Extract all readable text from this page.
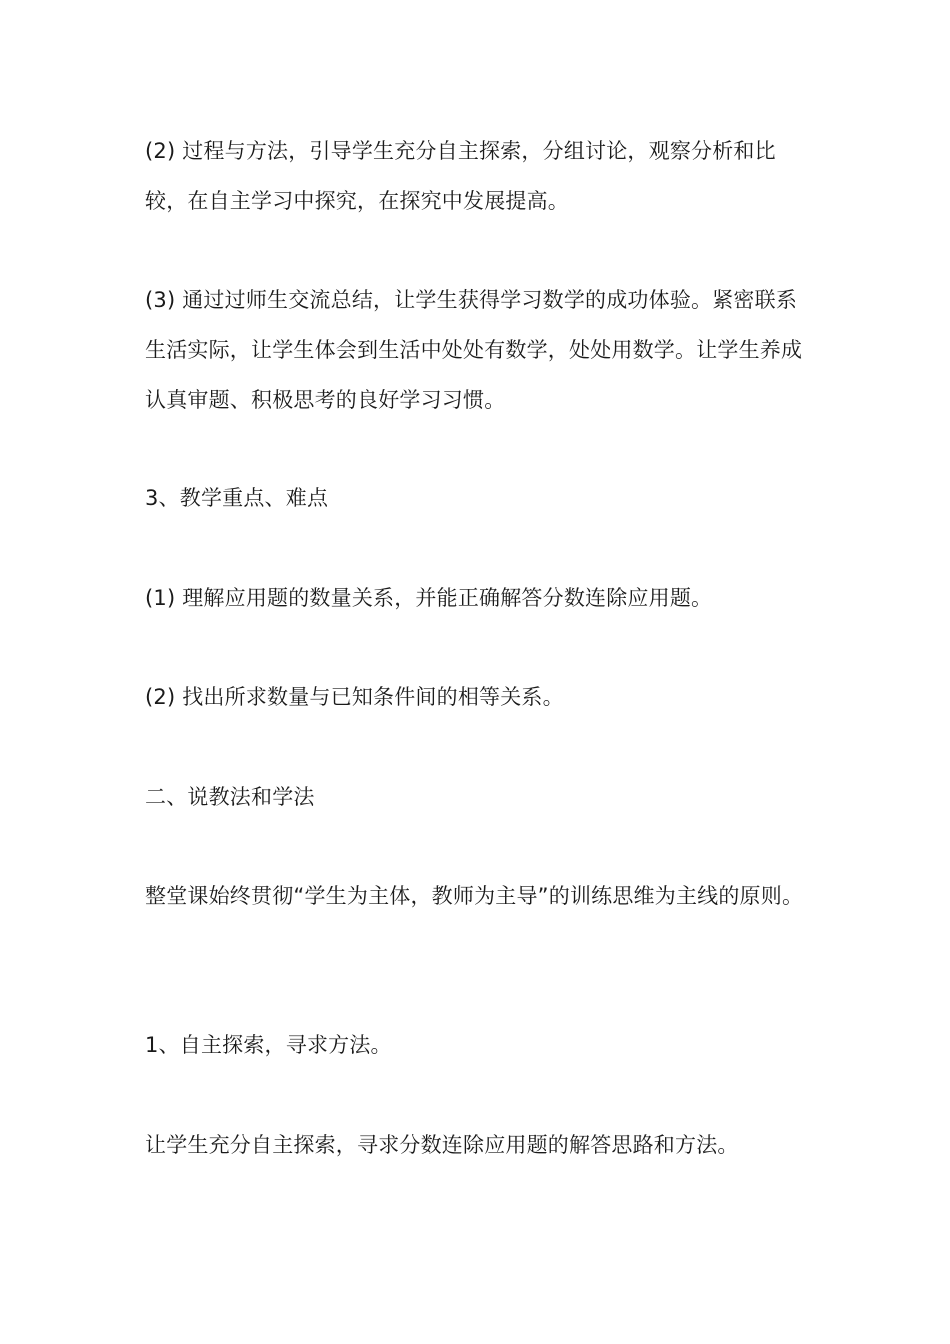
(2) 过程与方法，引导学生充分自主探索，分组讨论，观察分析和比较，在自主学习中探究，在探究中发展提高。
(3) 通过过师生交流总结，让学生获得学习数学的成功体验。紧密联系生活实际，让学生体会到生活中处处有数学，处处用数学。让学生养成认真审题、积极思考的良好学习习惯。
3、教学重点、难点
(1) 理解应用题的数量关系，并能正确解答分数连除应用题。
(2) 找出所求数量与已知条件间的相等关系。
二、说教法和学法
整堂课始终贯彻“学生为主体，教师为主导”的训练思维为主线的原则。
1、自主探索，寻求方法。
让学生充分自主探索，寻求分数连除应用题的解答思路和方法。
